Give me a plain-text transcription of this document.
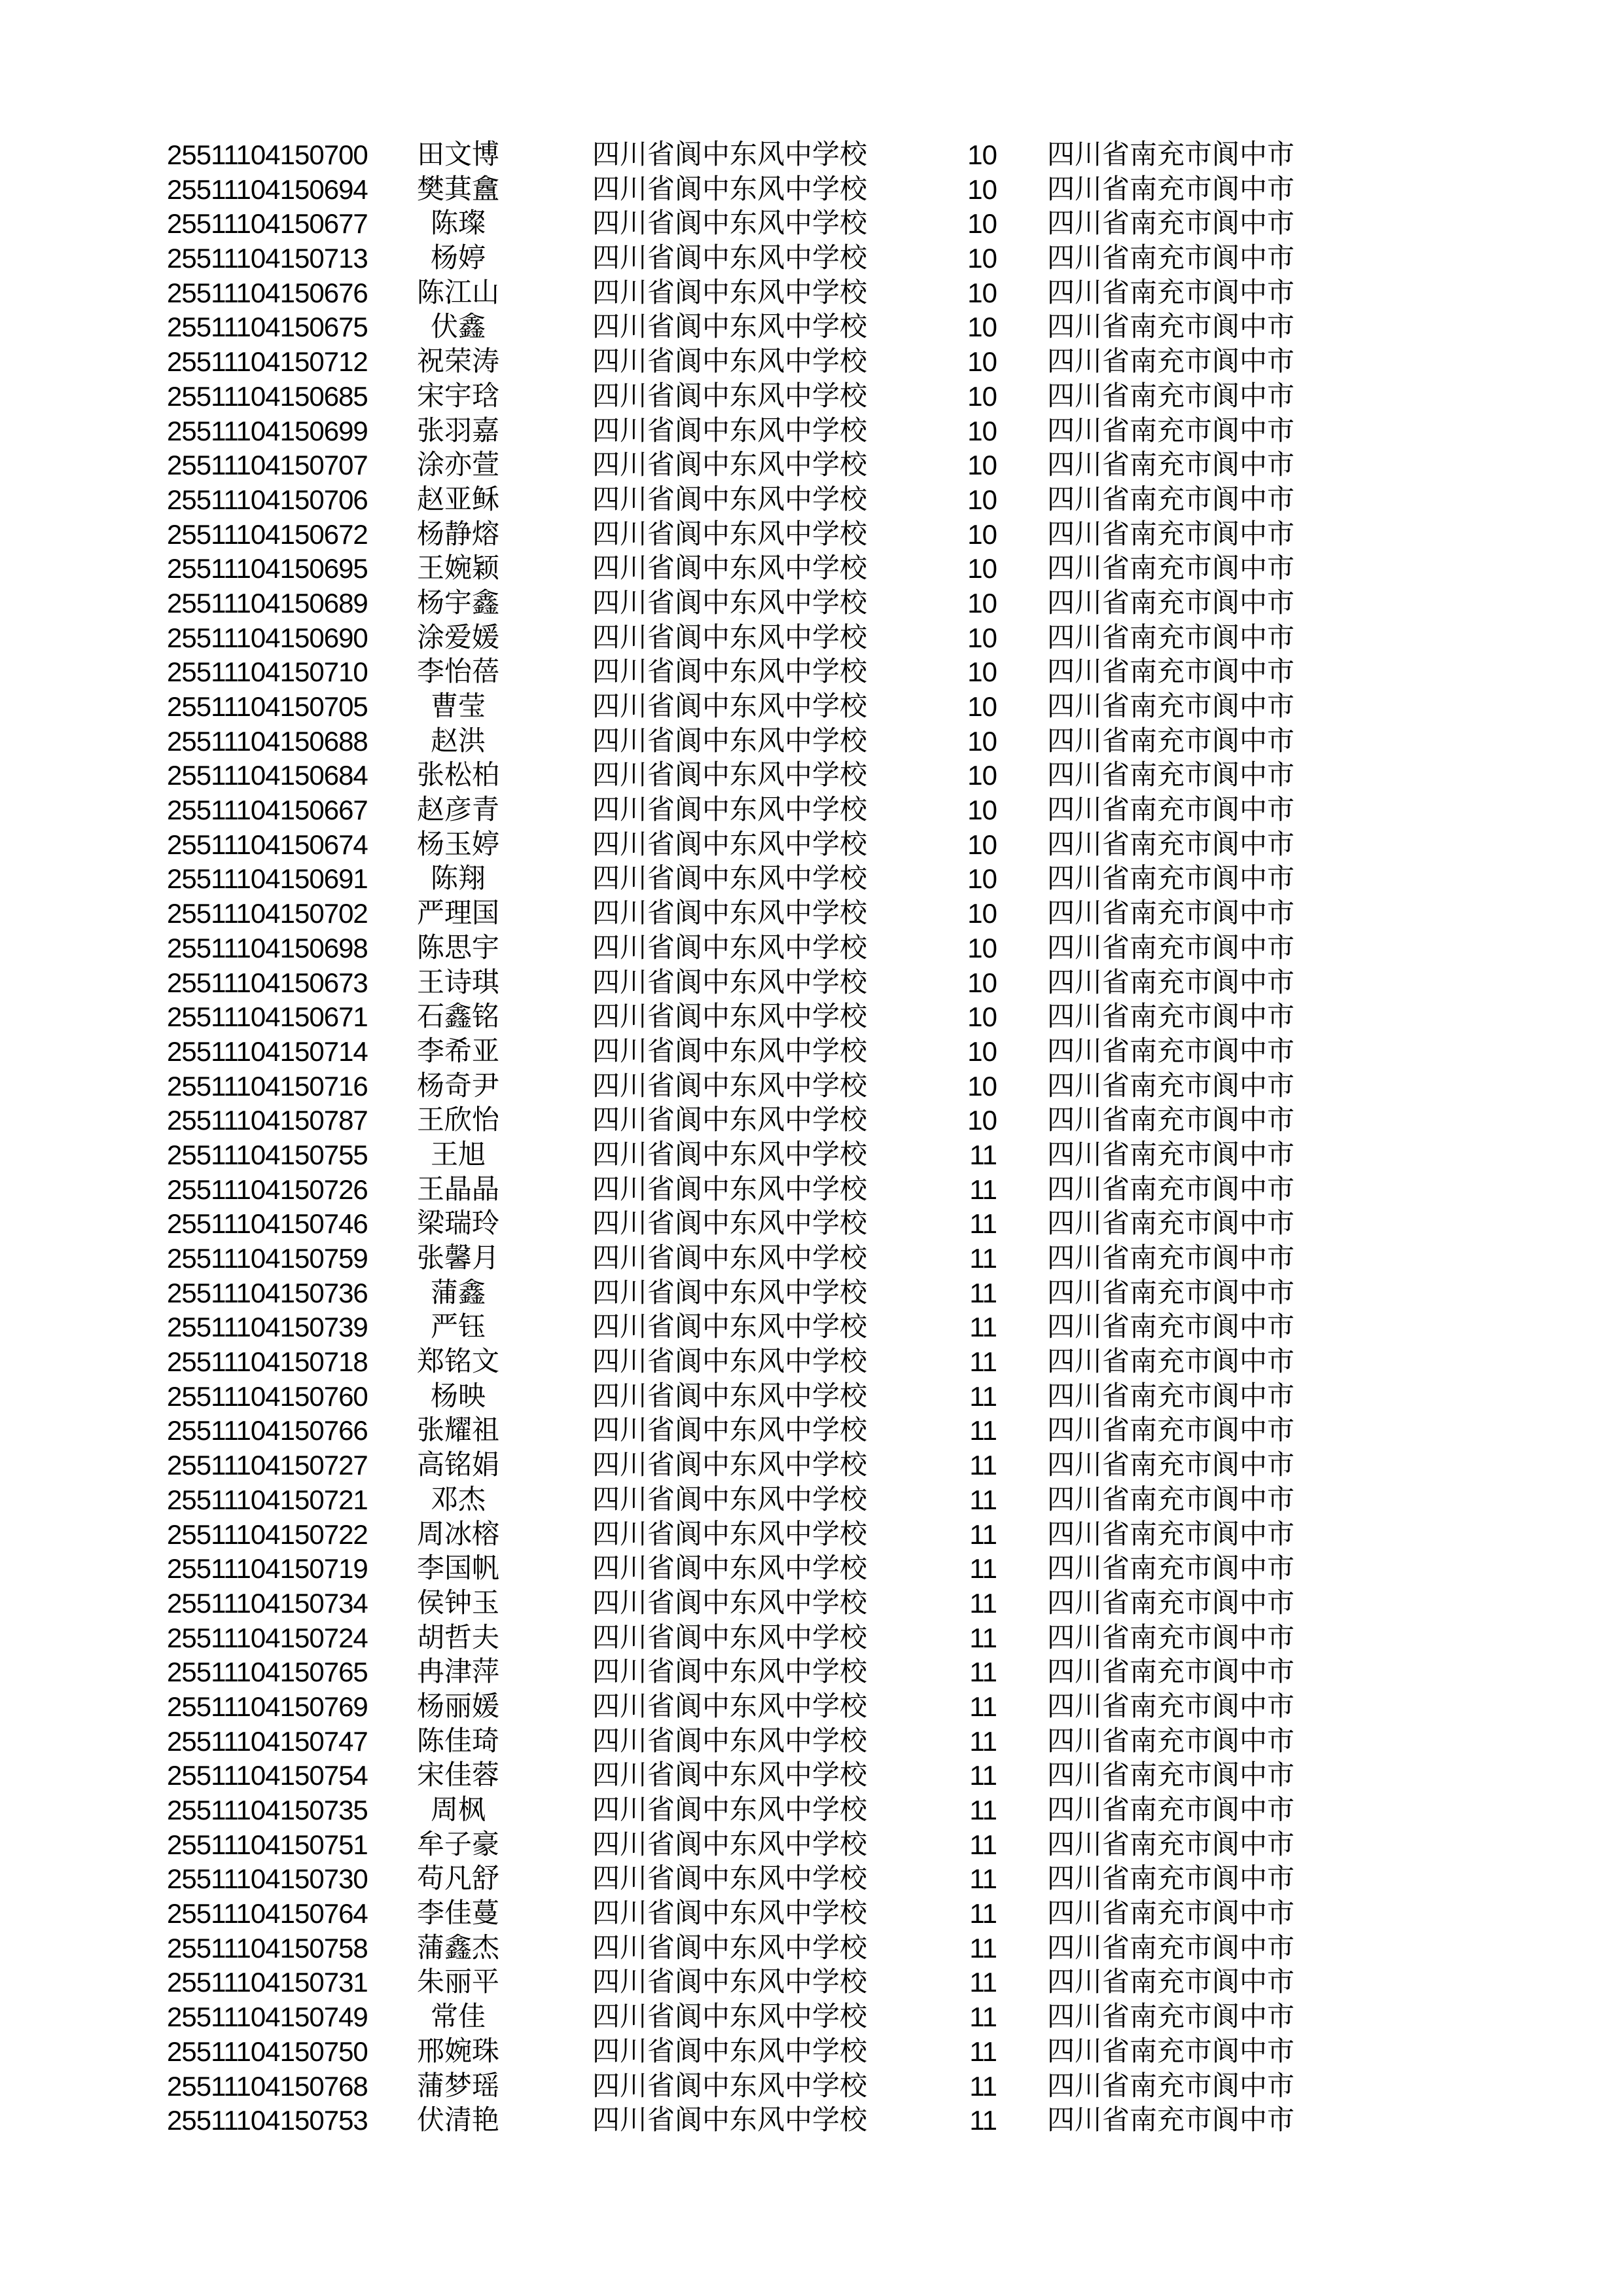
25511104150700	田文博	四川省阆中东风中学校	10 四川省南充市阆中市
25511104150694	樊萁盫	四川省阆中东风中学校	10 四川省南充市阆中市
25511104150677	陈璨	四川省阆中东风中学校	10 四川省南充市阆中市
25511104150713	杨婷	四川省阆中东风中学校	10 四川省南充市阆中市
25511104150676	陈江山	四川省阆中东风中学校	10 四川省南充市阆中市
25511104150675	伏鑫	四川省阆中东风中学校	10 四川省南充市阆中市
25511104150712	祝荣涛	四川省阆中东风中学校	10 四川省南充市阆中市
25511104150685	宋宇琀	四川省阆中东风中学校	10 四川省南充市阆中市
25511104150699	张羽嘉	四川省阆中东风中学校	10 四川省南充市阆中市
25511104150707	涂亦萱	四川省阆中东风中学校	10 四川省南充市阆中市
25511104150706	赵亚稣	四川省阆中东风中学校	10 四川省南充市阆中市
25511104150672	杨静熔	四川省阆中东风中学校	10 四川省南充市阆中市
25511104150695	王婉颖	四川省阆中东风中学校	10 四川省南充市阆中市
25511104150689	杨宇鑫	四川省阆中东风中学校	10 四川省南充市阆中市
25511104150690	涂爱媛	四川省阆中东风中学校	10 四川省南充市阆中市
25511104150710	李怡蓓	四川省阆中东风中学校	10 四川省南充市阆中市
25511104150705	曹莹	四川省阆中东风中学校	10 四川省南充市阆中市
25511104150688	赵洪	四川省阆中东风中学校	10 四川省南充市阆中市
25511104150684	张松柏	四川省阆中东风中学校	10 四川省南充市阆中市
25511104150667	赵彦青	四川省阆中东风中学校	10 四川省南充市阆中市
25511104150674	杨玉婷	四川省阆中东风中学校	10 四川省南充市阆中市
25511104150691	陈翔	四川省阆中东风中学校	10 四川省南充市阆中市
25511104150702	严理国	四川省阆中东风中学校	10 四川省南充市阆中市
25511104150698	陈思宇	四川省阆中东风中学校	10 四川省南充市阆中市
25511104150673	王诗琪	四川省阆中东风中学校	10 四川省南充市阆中市
25511104150671	石鑫铭	四川省阆中东风中学校	10 四川省南充市阆中市
25511104150714	李希亚	四川省阆中东风中学校	10 四川省南充市阆中市
25511104150716	杨奇尹	四川省阆中东风中学校	10 四川省南充市阆中市
25511104150787	王欣怡	四川省阆中东风中学校	10 四川省南充市阆中市
25511104150755	王旭	四川省阆中东风中学校	11 四川省南充市阆中市
25511104150726	王晶晶	四川省阆中东风中学校	11 四川省南充市阆中市
25511104150746	梁瑞玲	四川省阆中东风中学校	11 四川省南充市阆中市
25511104150759	张馨月	四川省阆中东风中学校	11 四川省南充市阆中市
25511104150736	蒲鑫	四川省阆中东风中学校	11 四川省南充市阆中市
25511104150739	严钰	四川省阆中东风中学校	11 四川省南充市阆中市
25511104150718	郑铭文	四川省阆中东风中学校	11 四川省南充市阆中市
25511104150760	杨映	四川省阆中东风中学校	11 四川省南充市阆中市
25511104150766	张耀祖	四川省阆中东风中学校	11 四川省南充市阆中市
25511104150727	高铭娟	四川省阆中东风中学校	11 四川省南充市阆中市
25511104150721	邓杰	四川省阆中东风中学校	11 四川省南充市阆中市
25511104150722	周冰榕	四川省阆中东风中学校	11 四川省南充市阆中市
25511104150719	李国帆	四川省阆中东风中学校	11 四川省南充市阆中市
25511104150734	侯钟玉	四川省阆中东风中学校	11 四川省南充市阆中市
25511104150724	胡哲夫	四川省阆中东风中学校	11 四川省南充市阆中市
25511104150765	冉津萍	四川省阆中东风中学校	11 四川省南充市阆中市
25511104150769	杨丽媛	四川省阆中东风中学校	11 四川省南充市阆中市
25511104150747	陈佳琦	四川省阆中东风中学校	11 四川省南充市阆中市
25511104150754	宋佳蓉	四川省阆中东风中学校	11 四川省南充市阆中市
25511104150735	周枫	四川省阆中东风中学校	11 四川省南充市阆中市
25511104150751	牟子豪	四川省阆中东风中学校	11 四川省南充市阆中市
25511104150730	苟凡舒	四川省阆中东风中学校	11 四川省南充市阆中市
25511104150764	李佳蔓	四川省阆中东风中学校	11 四川省南充市阆中市
25511104150758	蒲鑫杰	四川省阆中东风中学校	11 四川省南充市阆中市
25511104150731	朱丽平	四川省阆中东风中学校	11 四川省南充市阆中市
25511104150749	常佳	四川省阆中东风中学校	11 四川省南充市阆中市
25511104150750	邢婉珠	四川省阆中东风中学校	11 四川省南充市阆中市
25511104150768	蒲梦瑶	四川省阆中东风中学校	11 四川省南充市阆中市
25511104150753	伏清艳	四川省阆中东风中学校	11 四川省南充市阆中市
